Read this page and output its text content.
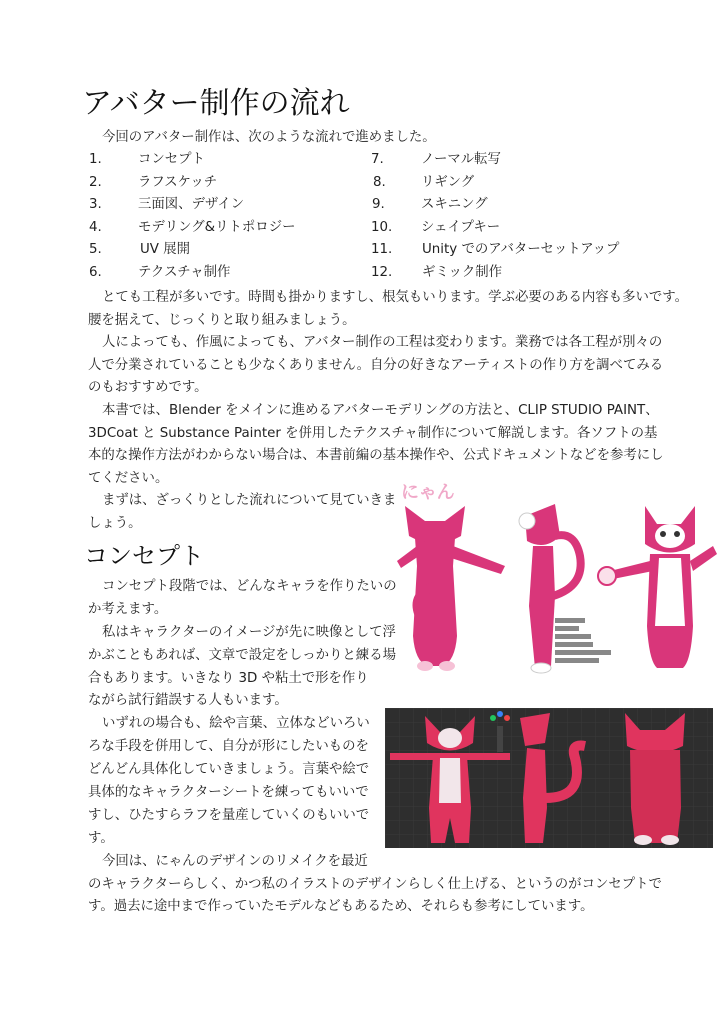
アバター制作の流れ
今回のアバター制作は、次のような流れで進めました。
1.	コンセプト
2.	ラフスケッチ
3.	三面図、デザイン
4.	モデリング&リトポロジー
5.	UV 展開
6.	テクスチャ制作
7.	ノーマル転写
8.	リギング
9.	スキニング
10. シェイプキー
11. Unity でのアバターセットアップ
12. ギミック制作
とても工程が多いです。時間も掛かりますし、根気もいります。学ぶ必要のある内容も多いです。
腰を据えて、じっくりと取り組みましょう。
人によっても、作風によっても、アバター制作の工程は変わります。業務では各工程が別々の
人で分業されていることも少なくありません。自分の好きなアーティストの作り方を調べてみる
のもおすすめです。
本書では、Blender をメインに進めるアバターモデリングの方法と、CLIP STUDIO PAINT、
3DCoat と Substance Painter を併用したテクスチャ制作について解説します。各ソフトの基
本的な操作方法がわからない場合は、本書前編の基本操作や、公式ドキュメントなどを参考にし
てください。
まずは、ざっくりとした流れについて見ていきま
しょう。
コンセプト
コンセプト段階では、どんなキャラを作りたいの
か考えます。
私はキャラクターのイメージが先に映像として浮
かぶこともあれば、文章で設定をしっかりと練る場
合もあります。いきなり 3D や粘土で形を作り
ながら試行錯誤する人もいます。
いずれの場合も、絵や言葉、立体などいろい
ろな手段を併用して、自分が形にしたいものを
どんどん具体化していきましょう。言葉や絵で
具体的なキャラクターシートを練ってもいいで
すし、ひたすらラフを量産していくのもいいで
す。
今回は、にゃんのデザインのリメイクを最近
のキャラクターらしく、かつ私のイラストのデザインらしく仕上げる、というのがコンセプトで
す。過去に途中まで作っていたモデルなどもあるため、それらも参考にしています。
にゃん
